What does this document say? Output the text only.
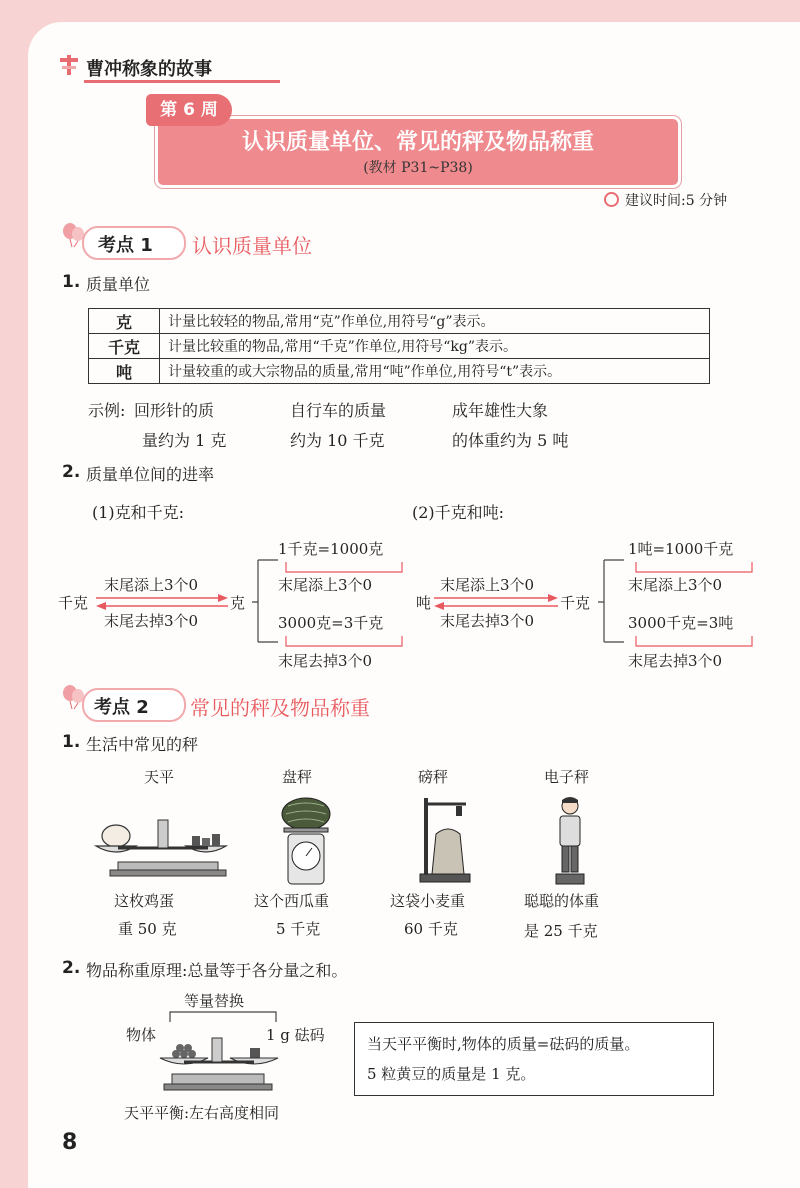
曹冲称象的故事
认识质量单位、常见的秤及物品称重
(教材 P31~P38)
第 6 周
建议时间:5 分钟
考点 1 认识质量单位
1. 质量单位
克	计量比较轻的物品,常用“克”作单位,用符号“g”表示。
千克	计量比较重的物品,常用“千克”作单位,用符号“kg”表示。
吨	计量较重的或大宗物品的质量,常用“吨”作单位,用符号“t”表示。
示例: 回形针的质
量约为 1 克
自行车的质量
约为 10 千克
成年雄性大象
的体重约为 5 吨
2. 质量单位间的进率
(1)克和千克:
千克	克
末尾添上3个0
末尾去掉3个0
1千克=1000克
末尾添上3个0
3000克=3千克
末尾去掉3个0
(2)千克和吨:
吨	千克
末尾添上3个0
末尾去掉3个0
1吨=1000千克
末尾添上3个0
3000千克=3吨
末尾去掉3个0
考点 2 常见的秤及物品称重
1. 生活中常见的秤
天平	盘秤	磅秤	电子秤
这枚鸡蛋
重 50 克
这个西瓜重
5 千克
这袋小麦重
60 千克
聪聪的体重
是 25 千克
2. 物品称重原理:总量等于各分量之和。
等量替换
物体	1 g 砝码
天平平衡:左右高度相同
当天平平衡时,物体的质量=砝码的质量。
5 粒黄豆的质量是 1 克。
8
